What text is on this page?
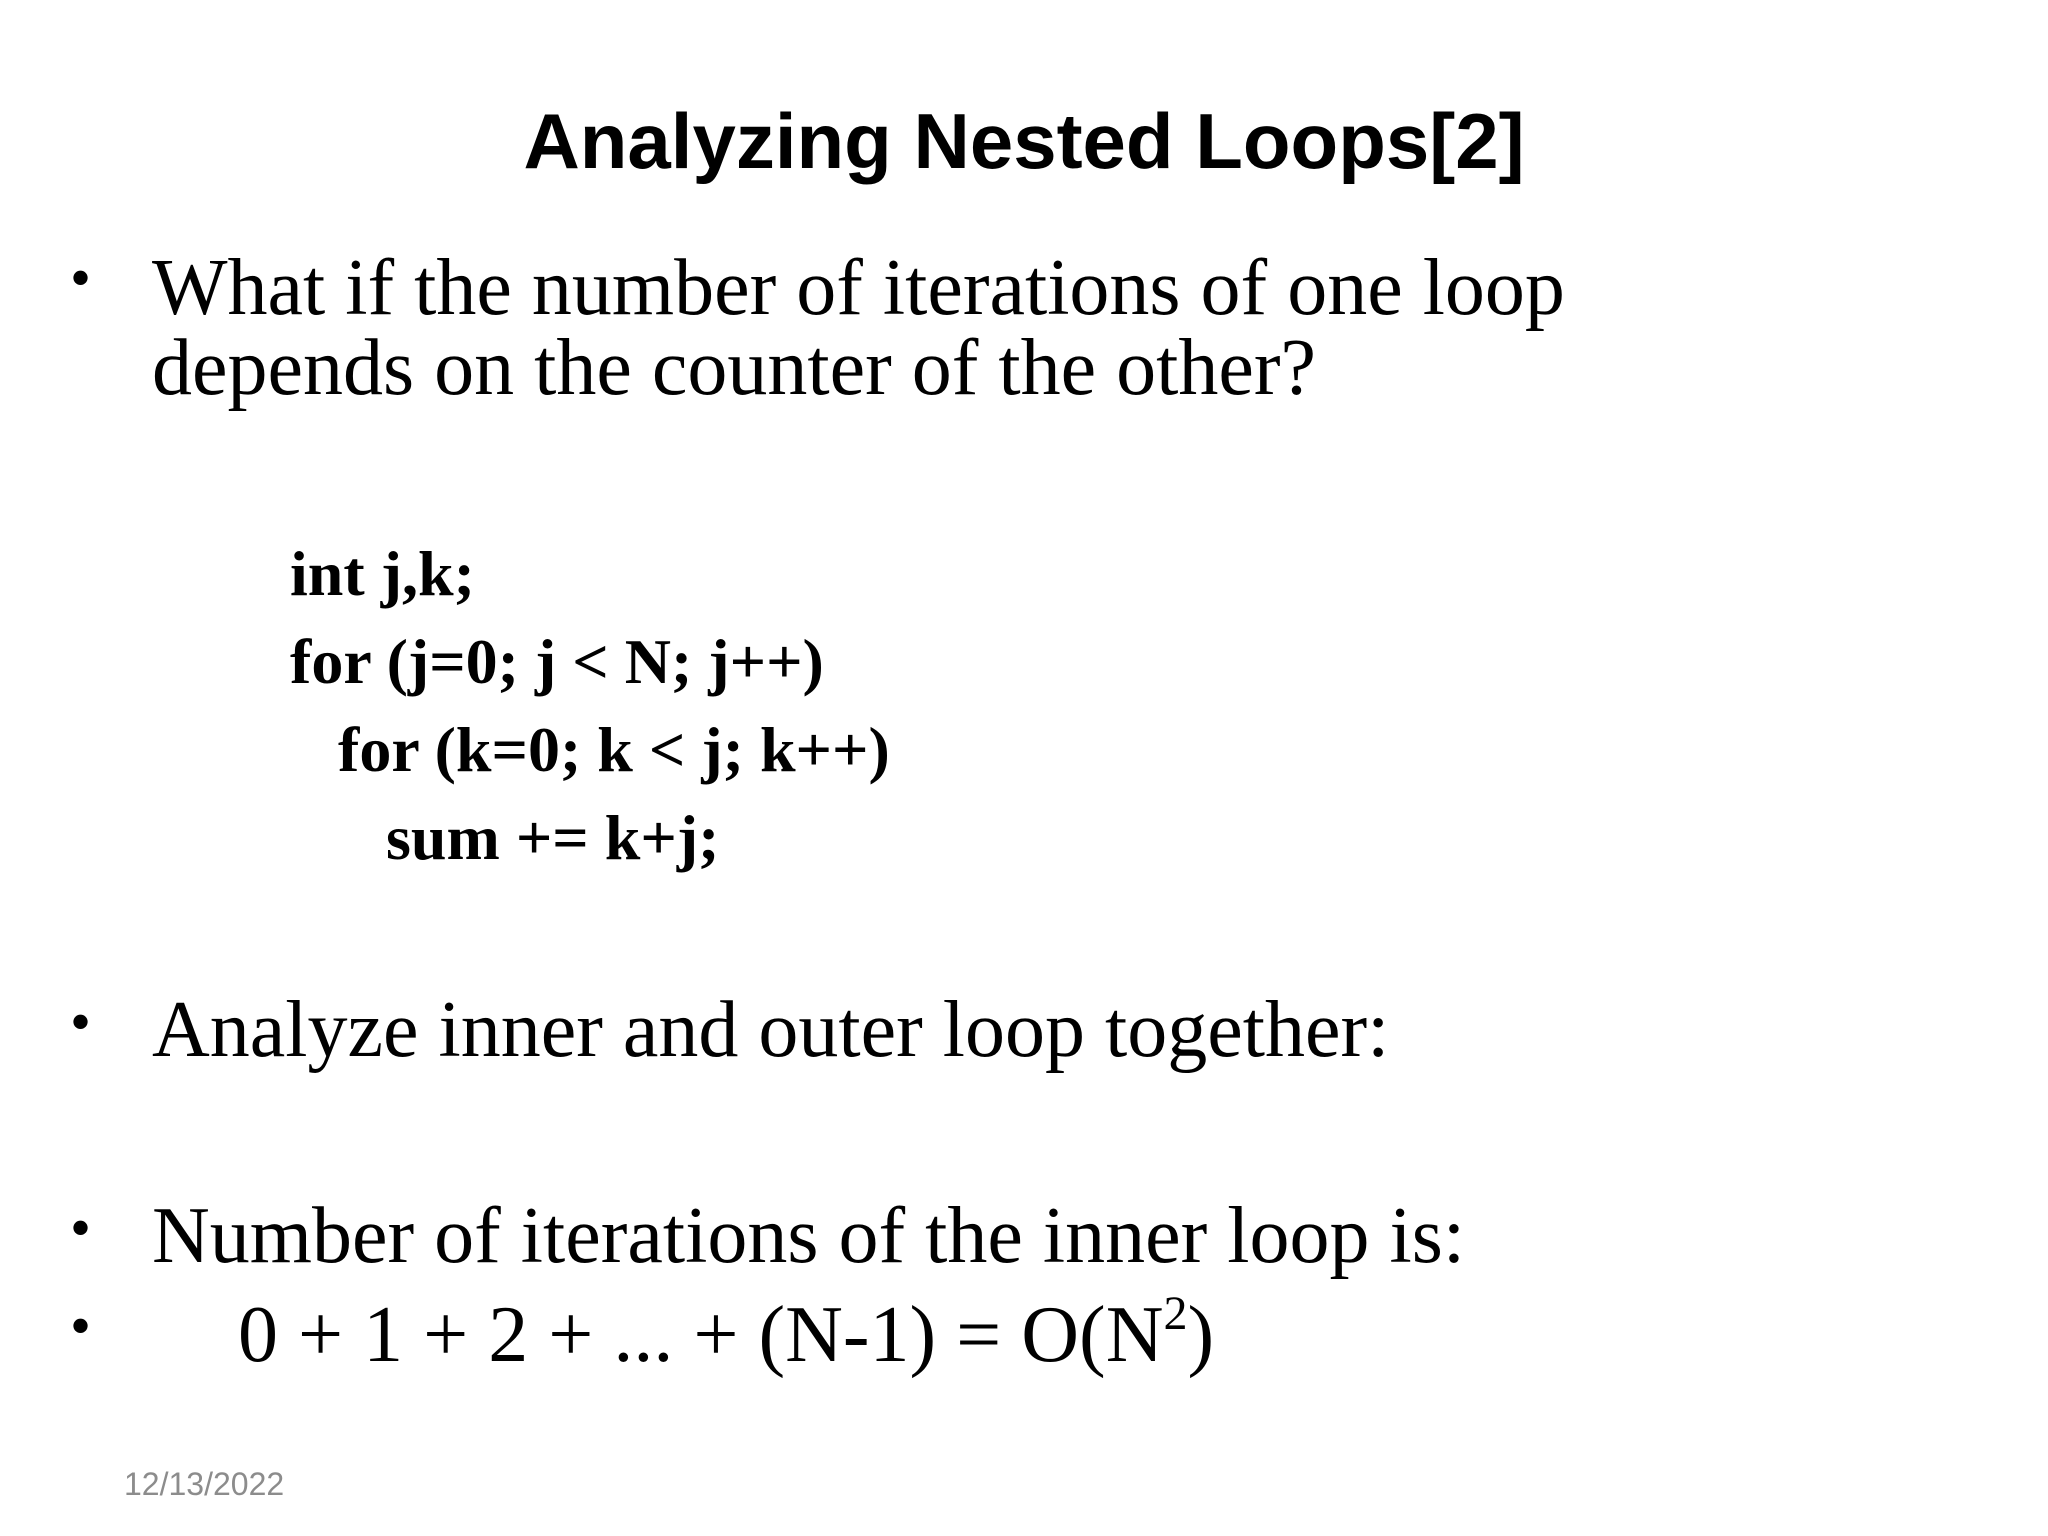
Analyzing Nested Loops[2]
• What if the number of iterations of one loop
depends on the counter of the other?
int j,k;
for (j=0; j < N; j++)
for (k=0; k < j; k++)
sum += k+j;
• Analyze inner and outer loop together:
• Number of iterations of the inner loop is:
• 0 + 1 + 2 + ... + $(N-1) = O(N^2)$
12/13/2022
